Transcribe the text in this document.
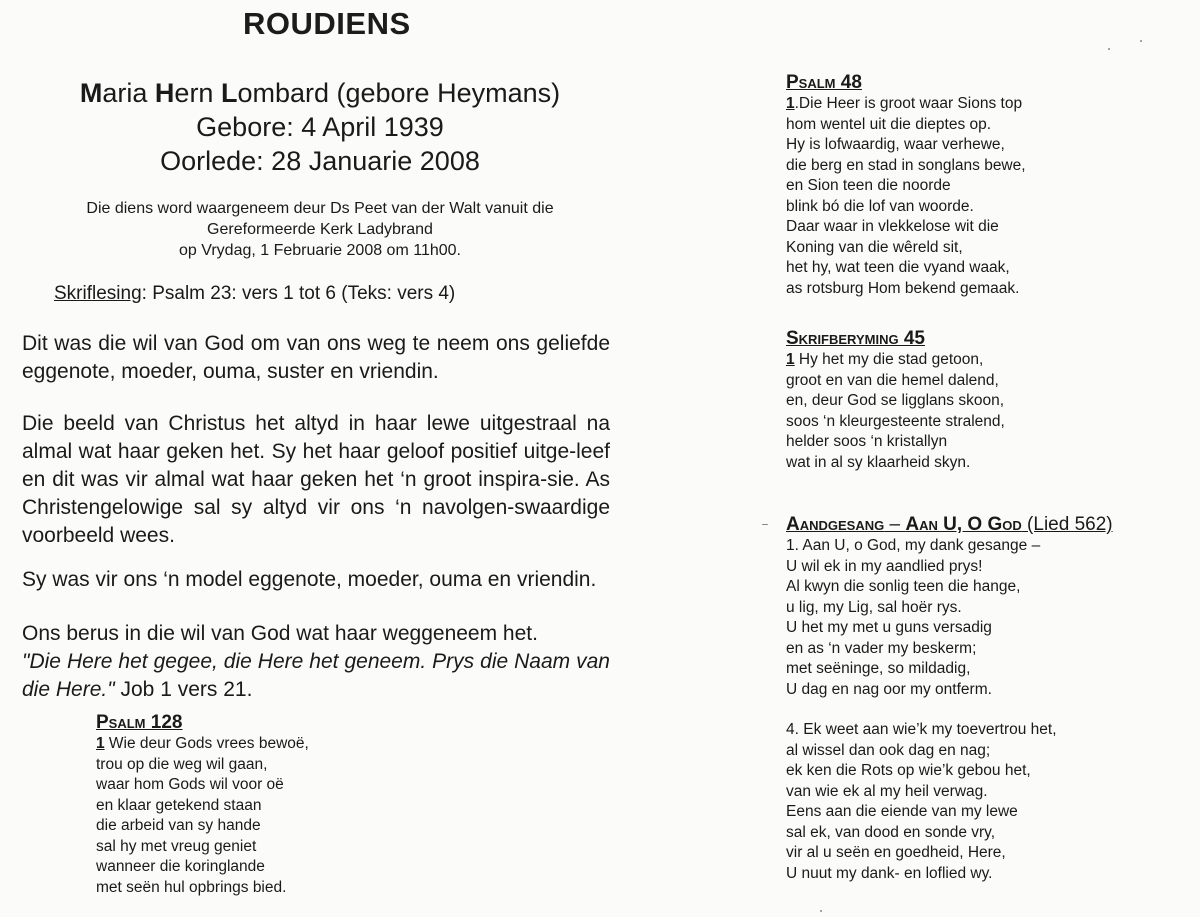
ROUDIENS
Maria Hern Lombard (gebore Heymans)
Gebore: 4 April 1939
Oorlede: 28 Januarie 2008
Die diens word waargeneem deur Ds Peet van der Walt vanuit die
Gereformeerde Kerk Ladybrand
op Vrydag, 1 Februarie 2008 om 11h00.
Skriflesing: Psalm 23: vers 1 tot 6 (Teks: vers 4)
Dit was die wil van God om van ons weg te neem ons geliefde eggenote, moeder, ouma, suster en vriendin.
Die beeld van Christus het altyd in haar lewe uitgestraal na almal wat haar geken het. Sy het haar geloof positief uitge-leef en dit was vir almal wat haar geken het ‘n groot inspira-sie. As Christengelowige sal sy altyd vir ons ‘n navolgen-swaardige voorbeeld wees.
Sy was vir ons ‘n model eggenote, moeder, ouma en vriendin.
Ons berus in die wil van God wat haar weggeneem het.
"Die Here het gegee, die Here het geneem. Prys die Naam van die Here." Job 1 vers 21.
Psalm 128
1 Wie deur Gods vrees bewoë,
trou op die weg wil gaan,
waar hom Gods wil voor oë
en klaar getekend staan
die arbeid van sy hande
sal hy met vreug geniet
wanneer die koringlande
met seën hul opbrings bied.
Psalm 48
1.Die Heer is groot waar Sions top
hom wentel uit die dieptes op.
Hy is lofwaardig, waar verhewe,
die berg en stad in songlans bewe,
en Sion teen die noorde
blink bó die lof van woorde.
Daar waar in vlekkelose wit die
Koning van die wêreld sit,
het hy, wat teen die vyand waak,
as rotsburg Hom bekend gemaak.
Skrifberyming 45
1 Hy het my die stad getoon,
groot en van die hemel dalend,
en, deur God se ligglans skoon,
soos ‘n kleurgesteente stralend,
helder soos ‘n kristallyn
wat in al sy klaarheid skyn.
Aandgesang – Aan U, O God (Lied 562)
1. Aan U, o God, my dank gesange –
U wil ek in my aandlied prys!
Al kwyn die sonlig teen die hange,
u lig, my Lig, sal hoër rys.
U het my met u guns versadig
en as ‘n vader my beskerm;
met seëninge, so mildadig,
U dag en nag oor my ontferm.
4. Ek weet aan wie’k my toevertrou het,
al wissel dan ook dag en nag;
ek ken die Rots op wie’k gebou het,
van wie ek al my heil verwag.
Eens aan die eiende van my lewe
sal ek, van dood en sonde vry,
vir al u seën en goedheid, Here,
U nuut my dank- en loflied wy.
